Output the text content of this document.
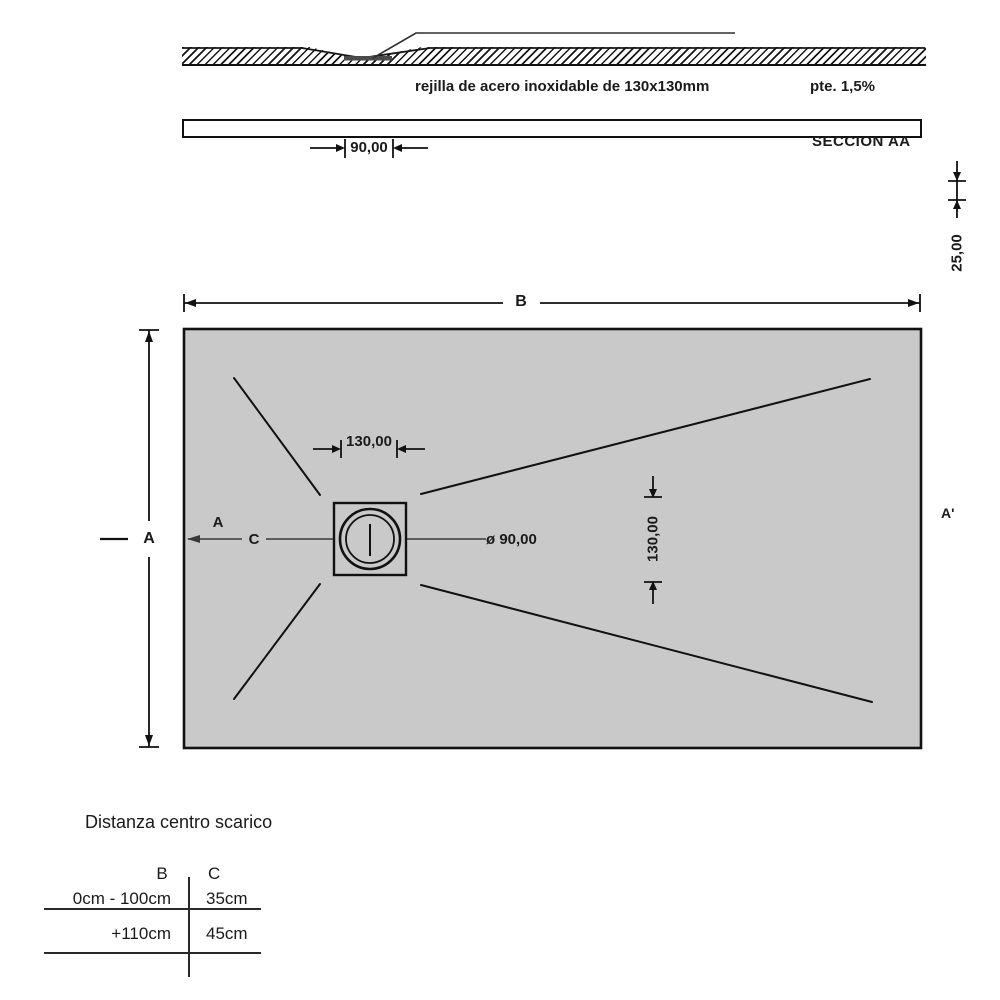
rejilla de acero inoxidable de 130x130mm	pte. 1,5%
SECCION AA
90,00
25,00
B
A
A
C
130,00
ø 90,00	130,00
A'
Distanza centro scarico
B C
0cm - 100cm 35cm
+110cm 45cm
